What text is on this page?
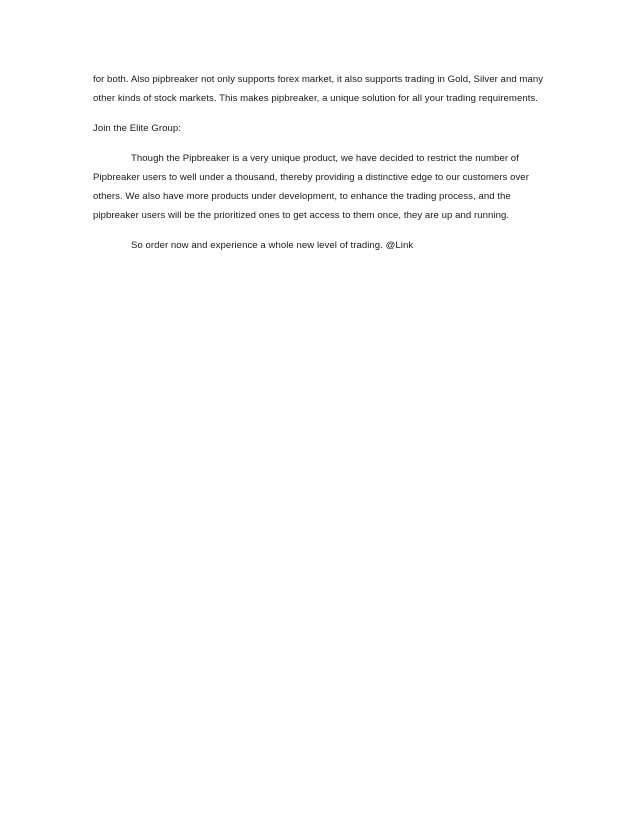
for both. Also pipbreaker not only supports forex market, it also supports trading in Gold, Silver and many other kinds of stock markets. This makes pipbreaker, a unique solution for all your trading requirements.

Join the Elite Group:

Though the Pipbreaker is a very unique product, we have decided to restrict the number of Pipbreaker users to well under a thousand, thereby providing a distinctive edge to our customers over others. We also have more products under development, to enhance the trading process, and the pipbreaker users will be the prioritized ones to get access to them once, they are up and running.

So order now and experience a whole new level of trading. @Link
